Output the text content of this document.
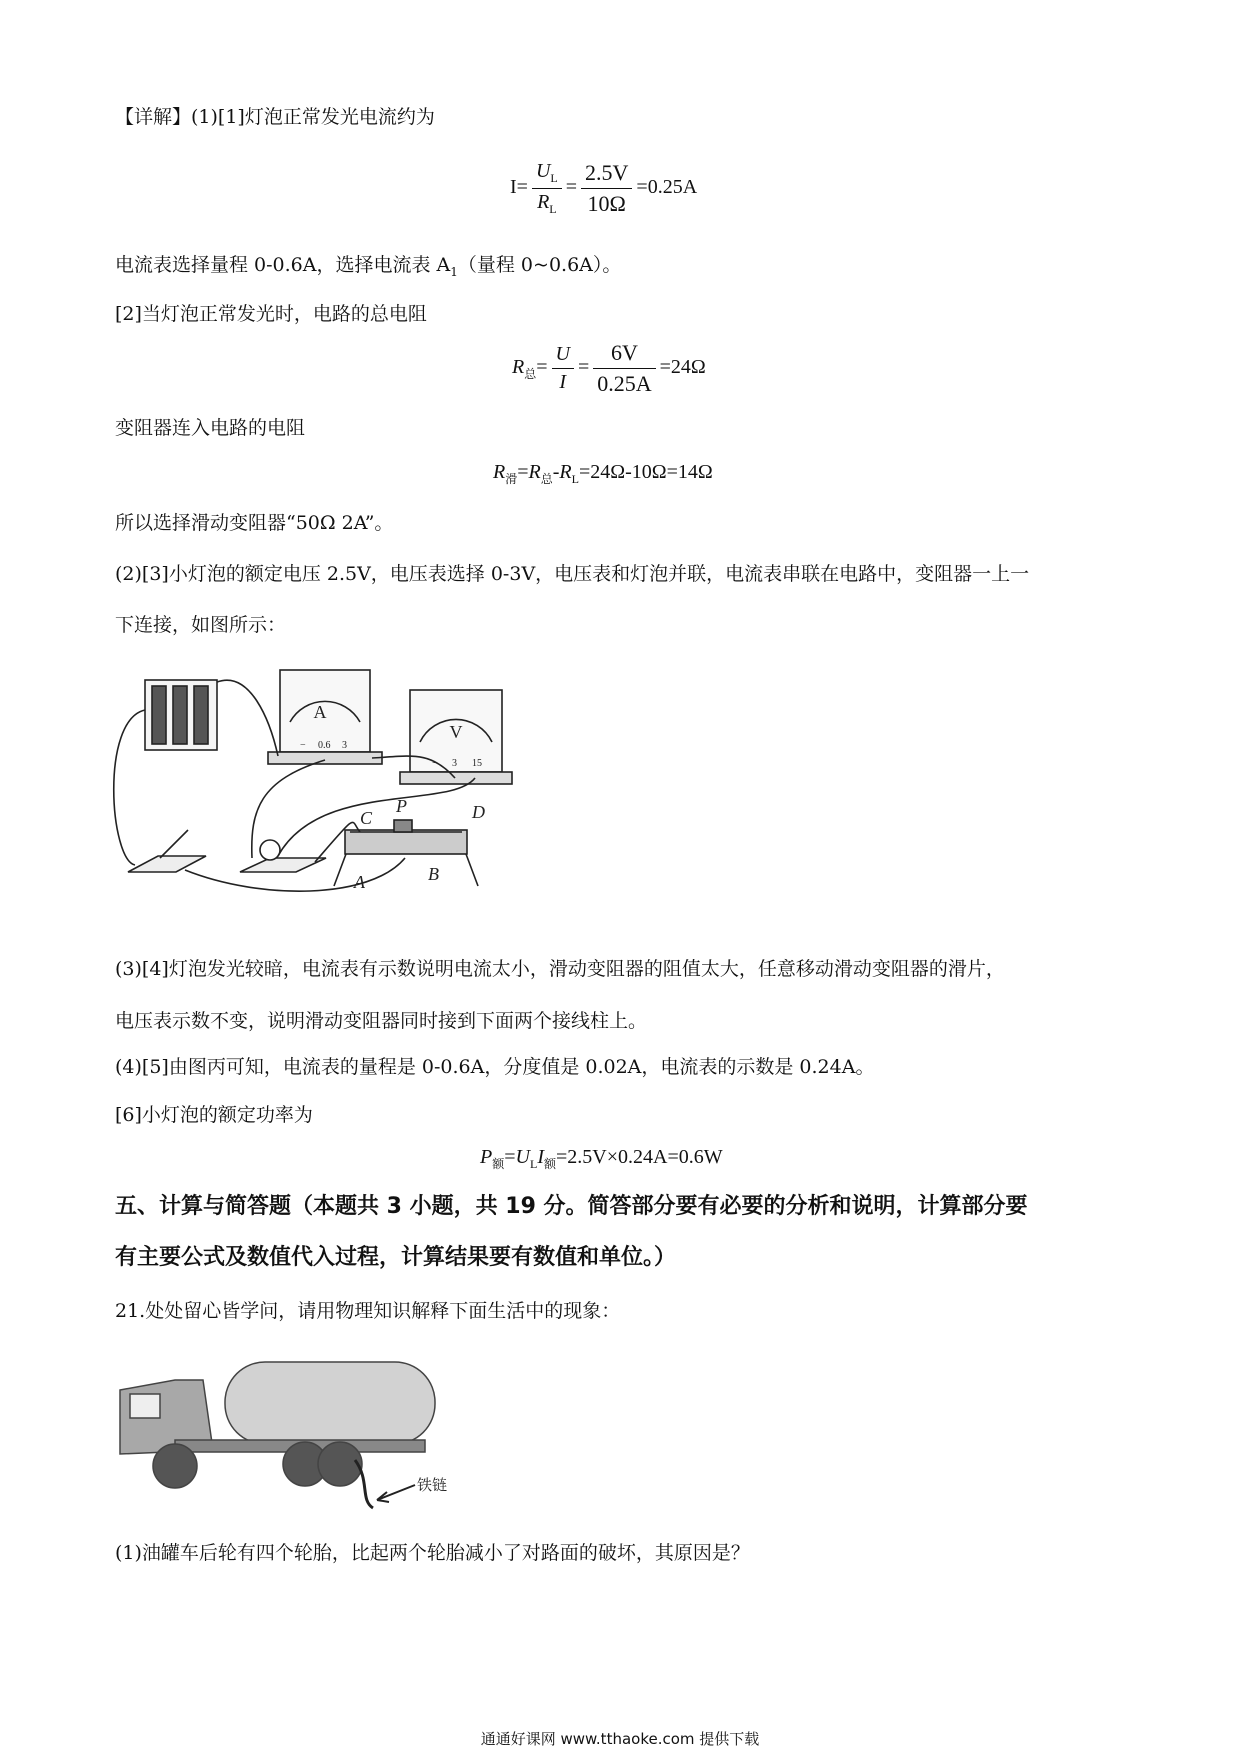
【详解】(1)[1]灯泡正常发光电流约为
$I= \frac{U_L}{R_L} = \frac{2.5V}{10\Omega} =0.25A$
电流表选择量程 0-0.6A，选择电流表 $A_1$（量程 0~0.6A）。
[2]当灯泡正常发光时，电路的总电阻
$R_总= \frac{U}{I} = \frac{6V}{0.25A} =24\Omega$
变阻器连入电路的电阻
$R_滑=R_总-R_L=24\Omega-10\Omega=14\Omega$
所以选择滑动变阻器“50Ω 2A”。
(2)[3]小灯泡的额定电压 2.5V，电压表选择 0-3V，电压表和灯泡并联，电流表串联在电路中，变阻器一上一
下连接，如图所示：
A
− 0.6 3
V
− 3 15
C
P	D
A	B
(3)[4]灯泡发光较暗，电流表有示数说明电流太小，滑动变阻器的阻值太大，任意移动滑动变阻器的滑片，
电压表示数不变，说明滑动变阻器同时接到下面两个接线柱上。
(4)[5]由图丙可知，电流表的量程是 0-0.6A，分度值是 0.02A，电流表的示数是 0.24A。
[6]小灯泡的额定功率为
$P_额=U_LI_额=2.5V\times 0.24A=0.6W$
五、计算与简答题（本题共 3 小题，共 19 分。简答部分要有必要的分析和说明，计算部分要
有主要公式及数值代入过程，计算结果要有数值和单位。）
21.处处留心皆学问，请用物理知识解释下面生活中的现象：
铁链
(1)油罐车后轮有四个轮胎，比起两个轮胎减小了对路面的破坏，其原因是？
通通好课网 www.tthaoke.com 提供下载
